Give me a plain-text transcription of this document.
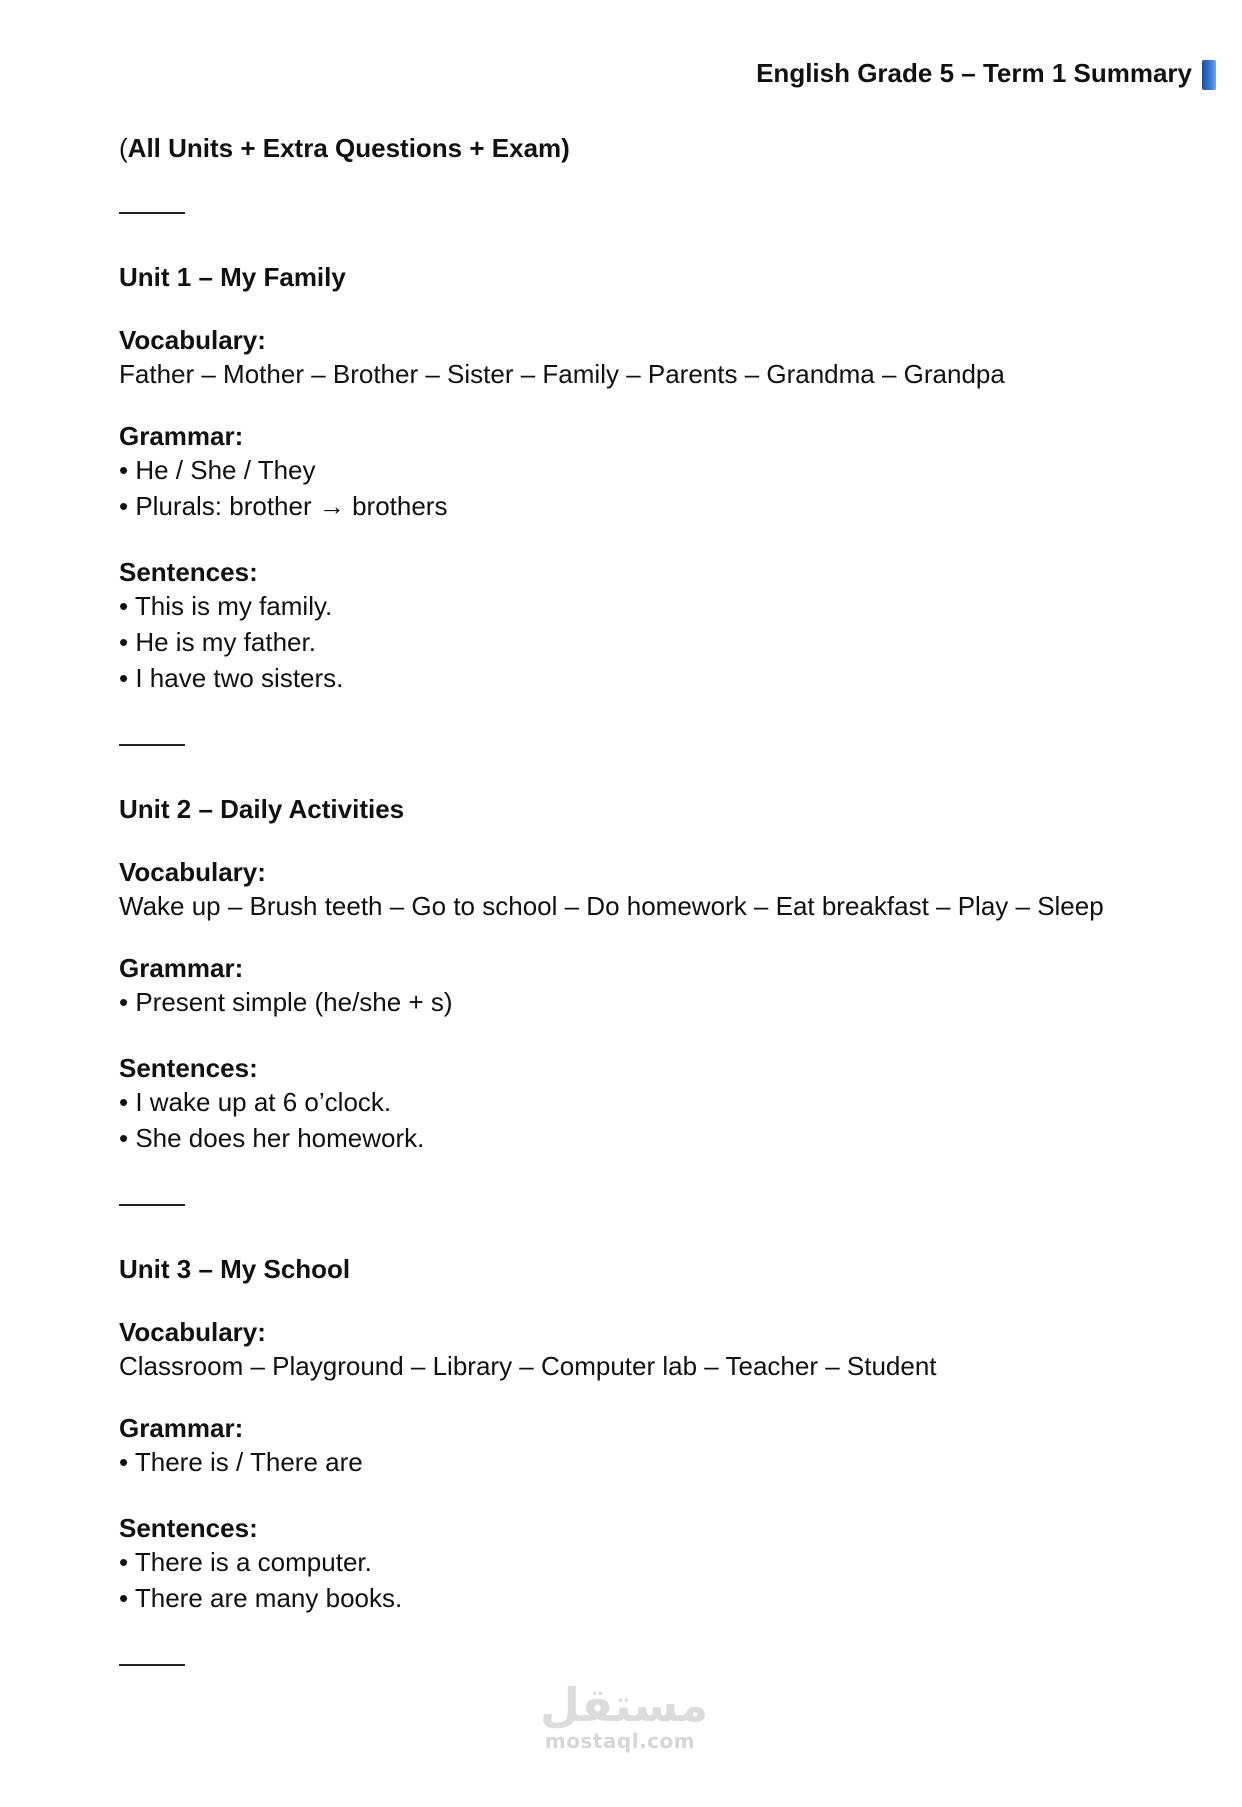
English Grade 5 – Term 1 Summary

(All Units + Extra Questions + Exam)

Unit 1 – My Family

Vocabulary:

Father – Mother – Brother – Sister – Family – Parents – Grandma – Grandpa

Grammar:

• He / She / They

• Plurals: brother → brothers

Sentences:

• This is my family.

• He is my father.

• I have two sisters.

Unit 2 – Daily Activities

Vocabulary:

Wake up – Brush teeth – Go to school – Do homework – Eat breakfast – Play – Sleep

Grammar:

• Present simple (he/she + s)

Sentences:

• I wake up at 6 o’clock.

• She does her homework.

Unit 3 – My School

Vocabulary:

Classroom – Playground – Library – Computer lab – Teacher – Student

Grammar:

• There is / There are

Sentences:

• There is a computer.

• There are many books.

مستقل
mostaql.com
